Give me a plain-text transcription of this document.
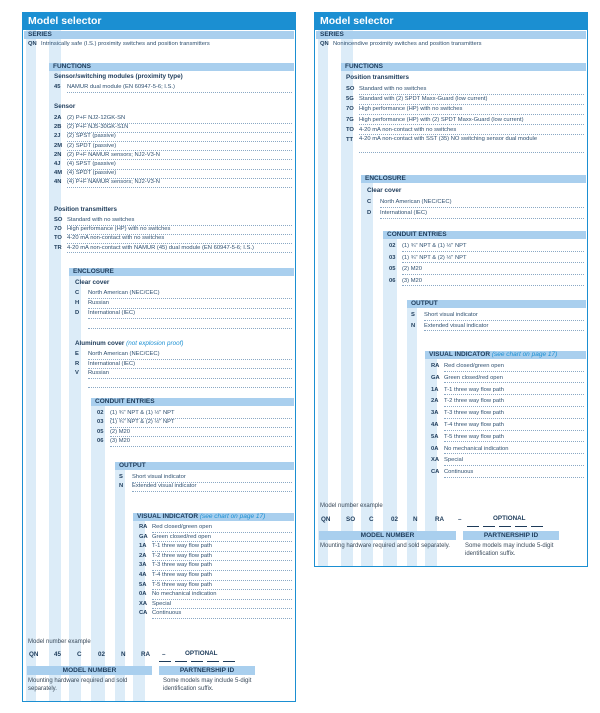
Model selector
SERIES
QN Intrinsically safe (I.S.) proximity switches and position transmitters
FUNCTIONS
Sensor/switching modules (proximity type)
45 NAMUR dual module (EN 60947-5-6; I.S.)
Sensor
2A (2) P+F NJ2-12GK-SN
2B (2) P+F NJ5-30GK-S1N
2J (2) SPST (passive)
2M (2) SPDT (passive)
2N (2) P+F NAMUR sensors; NJ2-V3-N
4J (4) SPST (passive)
4M (4) SPDT (passive)
4N (4) P+F NAMUR sensors; NJ2-V3-N
Position transmitters
SO Standard with no switches
7O High performance (HP) with no switches
TO 4-20 mA non-contact with no switches
TR 4-20 mA non-contact with NAMUR (45) dual module (EN 60947-5-6; I.S.)
ENCLOSURE
Clear cover
C North American (NEC/CEC)
H Russian
D International (IEC)
Aluminum cover (not explosion proof)
E North American (NEC/CEC)
R International (IEC)
V Russian
CONDUIT ENTRIES
02 (1) ¾" NPT & (1) ½" NPT
03 (1) ¾" NPT & (2) ½" NPT
05 (2) M20
06 (3) M20
OUTPUT
S Short visual indicator
N Extended visual indicator
VISUAL INDICATOR (see chart on page 17)
RA Red closed/green open
GA Green closed/red open
1A T-1 three way flow path
2A T-2 three way flow path
3A T-3 three way flow path
4A T-4 three way flow path
5A T-5 three way flow path
0A No mechanical indication
XA Special
CA Continuous
Model number example
QN 45	C	02	N RA –	OPTIONAL
MODEL NUMBER	PARTNERSHIP ID
Mounting hardware required and sold separately.
Some models may include 5-digit identification suffix.
Model selector
SERIES
QN Nonincendive proximity switches and position transmitters
FUNCTIONS
Position transmitters
SO Standard with no switches
5G Standard with (2) SPDT Maxx-Guard (low current)
7O High performance (HP) with no switches
7G High performance (HP) with (2) SPDT Maxx-Guard (low current)
TO 4-20 mA non-contact with no switches
TT 4-20 mA non-contact with SST (35) NO switching sensor dual module
ENCLOSURE
Clear cover
C North American (NEC/CEC)
D International (IEC)
CONDUIT ENTRIES
02 (1) ¾" NPT & (1) ½" NPT
03 (1) ¾" NPT & (2) ½" NPT
05 (2) M20
06 (3) M20
OUTPUT
S Short visual indicator
N Extended visual indicator
VISUAL INDICATOR (see chart on page 17)
RA Red closed/green open
GA Green closed/red open
1A T-1 three way flow path
2A T-2 three way flow path
3A T-3 three way flow path
4A T-4 three way flow path
5A T-5 three way flow path
0A No mechanical indication
XA Special
CA Continuous
Model number example
QN SO C	02 N	RA –	OPTIONAL
MODEL NUMBER	PARTNERSHIP ID
Mounting hardware required and sold separately.	Some models may include 5-digit identification suffix.
